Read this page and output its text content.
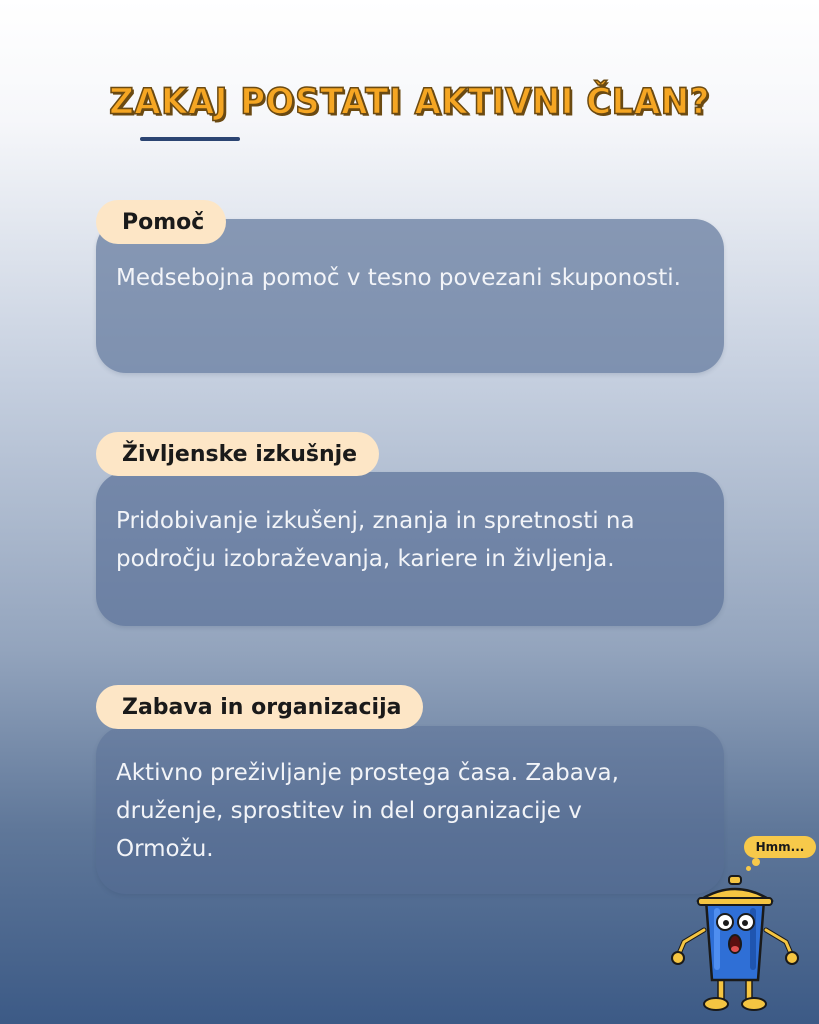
ZAKAJ POSTATI AKTIVNI ČLAN?
Medsebojna pomoč v tesno povezani skuponosti.
Pomoč
Pridobivanje izkušenj, znanja in spretnosti na področju izobraževanja, kariere in življenja.
Življenske izkušnje
Aktivno preživljanje prostega časa. Zabava, druženje, sprostitev in del organizacije v Ormožu.
Zabava in organizacija
Hmm...
